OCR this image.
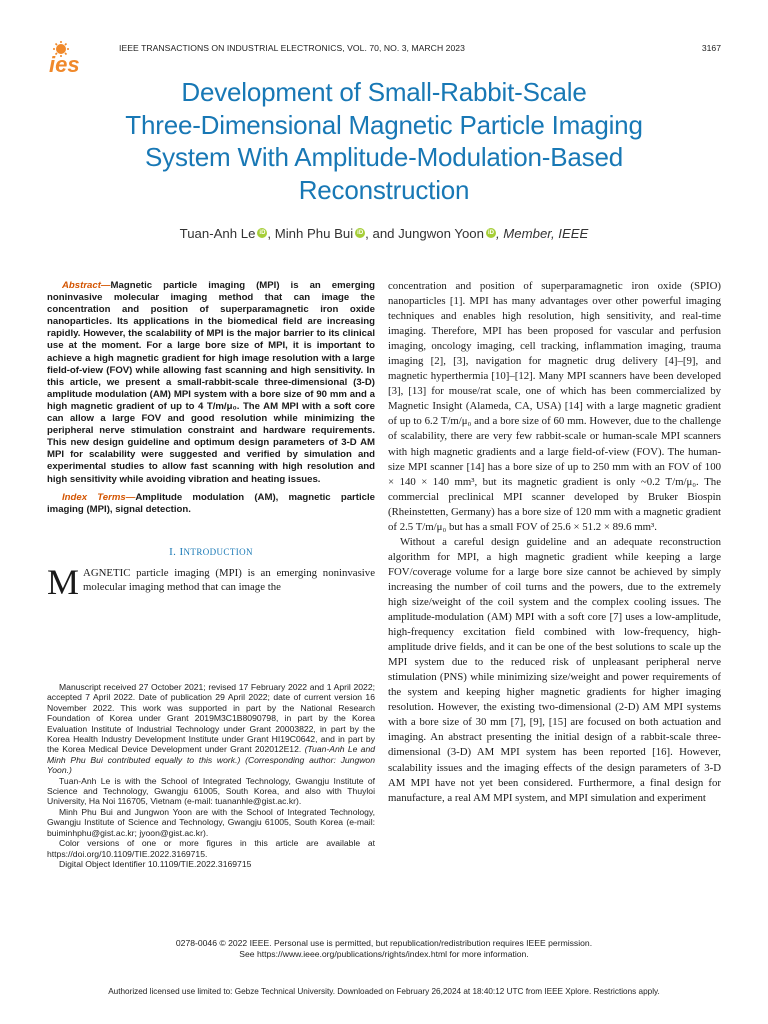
ies
IEEE TRANSACTIONS ON INDUSTRIAL ELECTRONICS, VOL. 70, NO. 3, MARCH 2023	3167
Development of Small-Rabbit-Scale
Three-Dimensional Magnetic Particle Imaging
System With Amplitude-Modulation-Based
Reconstruction
Tuan-Anh Le iD , Minh Phu Bui iD , and Jungwon Yoon iD , Member, IEEE

Abstract—Magnetic particle imaging (MPI) is an emerging noninvasive molecular imaging method that can image the concentration and position of superparamagnetic iron oxide nanoparticles. Its applications in the biomedical field are increasing rapidly. However, the scalability of MPI is the major barrier to its clinical use at the moment. For a large bore size of MPI, it is important to achieve a high magnetic gradient for high image resolution with a large field-of-view (FOV) while allowing fast scanning and high sensitivity. In this article, we present a small-rabbit-scale three-dimensional (3-D) amplitude modulation (AM) MPI system with a bore size of 90 mm and a high magnetic gradient of up to 4 T/m/μ₀. The AM MPI with a soft core can allow a large FOV and good resolution while minimizing the peripheral nerve stimulation constraint and hardware requirements. This new design guideline and optimum design parameters of 3-D AM MPI for scalability were suggested and verified by simulation and experimental studies to allow fast scanning with high resolution and high sensitivity while avoiding vibration and heating issues.

Index Terms—Amplitude modulation (AM), magnetic particle imaging (MPI), signal detection.

I. INTRODUCTION

MAGNETIC particle imaging (MPI) is an emerging noninvasive molecular imaging method that can image the

Manuscript received 27 October 2021; revised 17 February 2022 and 1 April 2022; accepted 7 April 2022. Date of publication 29 April 2022; date of current version 16 November 2022. This work was supported in part by the National Research Foundation of Korea under Grant 2019M3C1B8090798, in part by the Korea Evaluation Institute of Industrial Technology under Grant 20003822, in part by the Korea Health Industry Development Institute under Grant HI19C0642, and in part by the Korea Medical Device Development under Grant 202012E12. (Tuan-Anh Le and Minh Phu Bui contributed equally to this work.) (Corresponding author: Jungwon Yoon.)

Tuan-Anh Le is with the School of Integrated Technology, Gwangju Institute of Science and Technology, Gwangju 61005, South Korea, and also with Thuyloi University, Ha Noi 116705, Vietnam (e-mail: tuananhle@gist.ac.kr).

Minh Phu Bui and Jungwon Yoon are with the School of Integrated Technology, Gwangju Institute of Science and Technology, Gwangju 61005, South Korea (e-mail: buiminhphu@gist.ac.kr; jyoon@gist.ac.kr).

Color versions of one or more figures in this article are available at https://doi.org/10.1109/TIE.2022.3169715.

Digital Object Identifier 10.1109/TIE.2022.3169715

concentration and position of superparamagnetic iron oxide (SPIO) nanoparticles [1]. MPI has many advantages over other powerful imaging techniques and enables high resolution, high sensitivity, and real-time imaging. Therefore, MPI has been proposed for vascular and perfusion imaging, oncology imaging, cell tracking, inflammation imaging, trauma imaging [2], [3], navigation for magnetic drug delivery [4]–[9], and magnetic hyperthermia [10]–[12]. Many MPI scanners have been developed [3], [13] for mouse/rat scale, one of which has been commercialized by Magnetic Insight (Alameda, CA, USA) [14] with a large magnetic gradient of up to 6.2 T/m/μ₀ and a bore size of 60 mm. However, due to the challenge of scalability, there are very few rabbit-scale or human-scale MPI scanners with high magnetic gradients and a large field-of-view (FOV). The human-size MPI scanner [14] has a bore size of up to 250 mm with an FOV of 100 × 140 × 140 mm³, but its magnetic gradient is only ~0.2 T/m/μ₀. The commercial preclinical MPI scanner developed by Bruker Biospin (Rheinstetten, Germany) has a bore size of 120 mm with a magnetic gradient of 2.5 T/m/μ₀ but has a small FOV of 25.6 × 51.2 × 89.6 mm³.

Without a careful design guideline and an adequate reconstruction algorithm for MPI, a high magnetic gradient while keeping a large FOV/coverage volume for a large bore size cannot be achieved by simply increasing the number of coil turns and the powers, due to the extremely high size/weight of the coil system and the complex cooling issues. The amplitude-modulation (AM) MPI with a soft core [7] uses a low-amplitude, high-frequency excitation field combined with low-frequency, high-amplitude drive fields, and it can be one of the best solutions to scale up the MPI system due to the reduced risk of unpleasant peripheral nerve stimulation (PNS) while minimizing size/weight and power requirements of the system and keeping higher magnetic gradients for higher imaging resolution. However, the existing two-dimensional (2-D) AM MPI systems with a bore size of 30 mm [7], [9], [15] are focused on both actuation and imaging. An abstract presenting the initial design of a rabbit-scale three-dimensional (3-D) AM MPI system has been reported [16]. However, scalability issues and the imaging effects of the design parameters of 3-D AM MPI have not yet been considered. Furthermore, a final design for manufacture, a real AM MPI system, and MPI simulation and experiment

0278-0046 © 2022 IEEE. Personal use is permitted, but republication/redistribution requires IEEE permission.
See https://www.ieee.org/publications/rights/index.html for more information.
Authorized licensed use limited to: Gebze Technical University. Downloaded on February 26,2024 at 18:40:12 UTC from IEEE Xplore. Restrictions apply.
